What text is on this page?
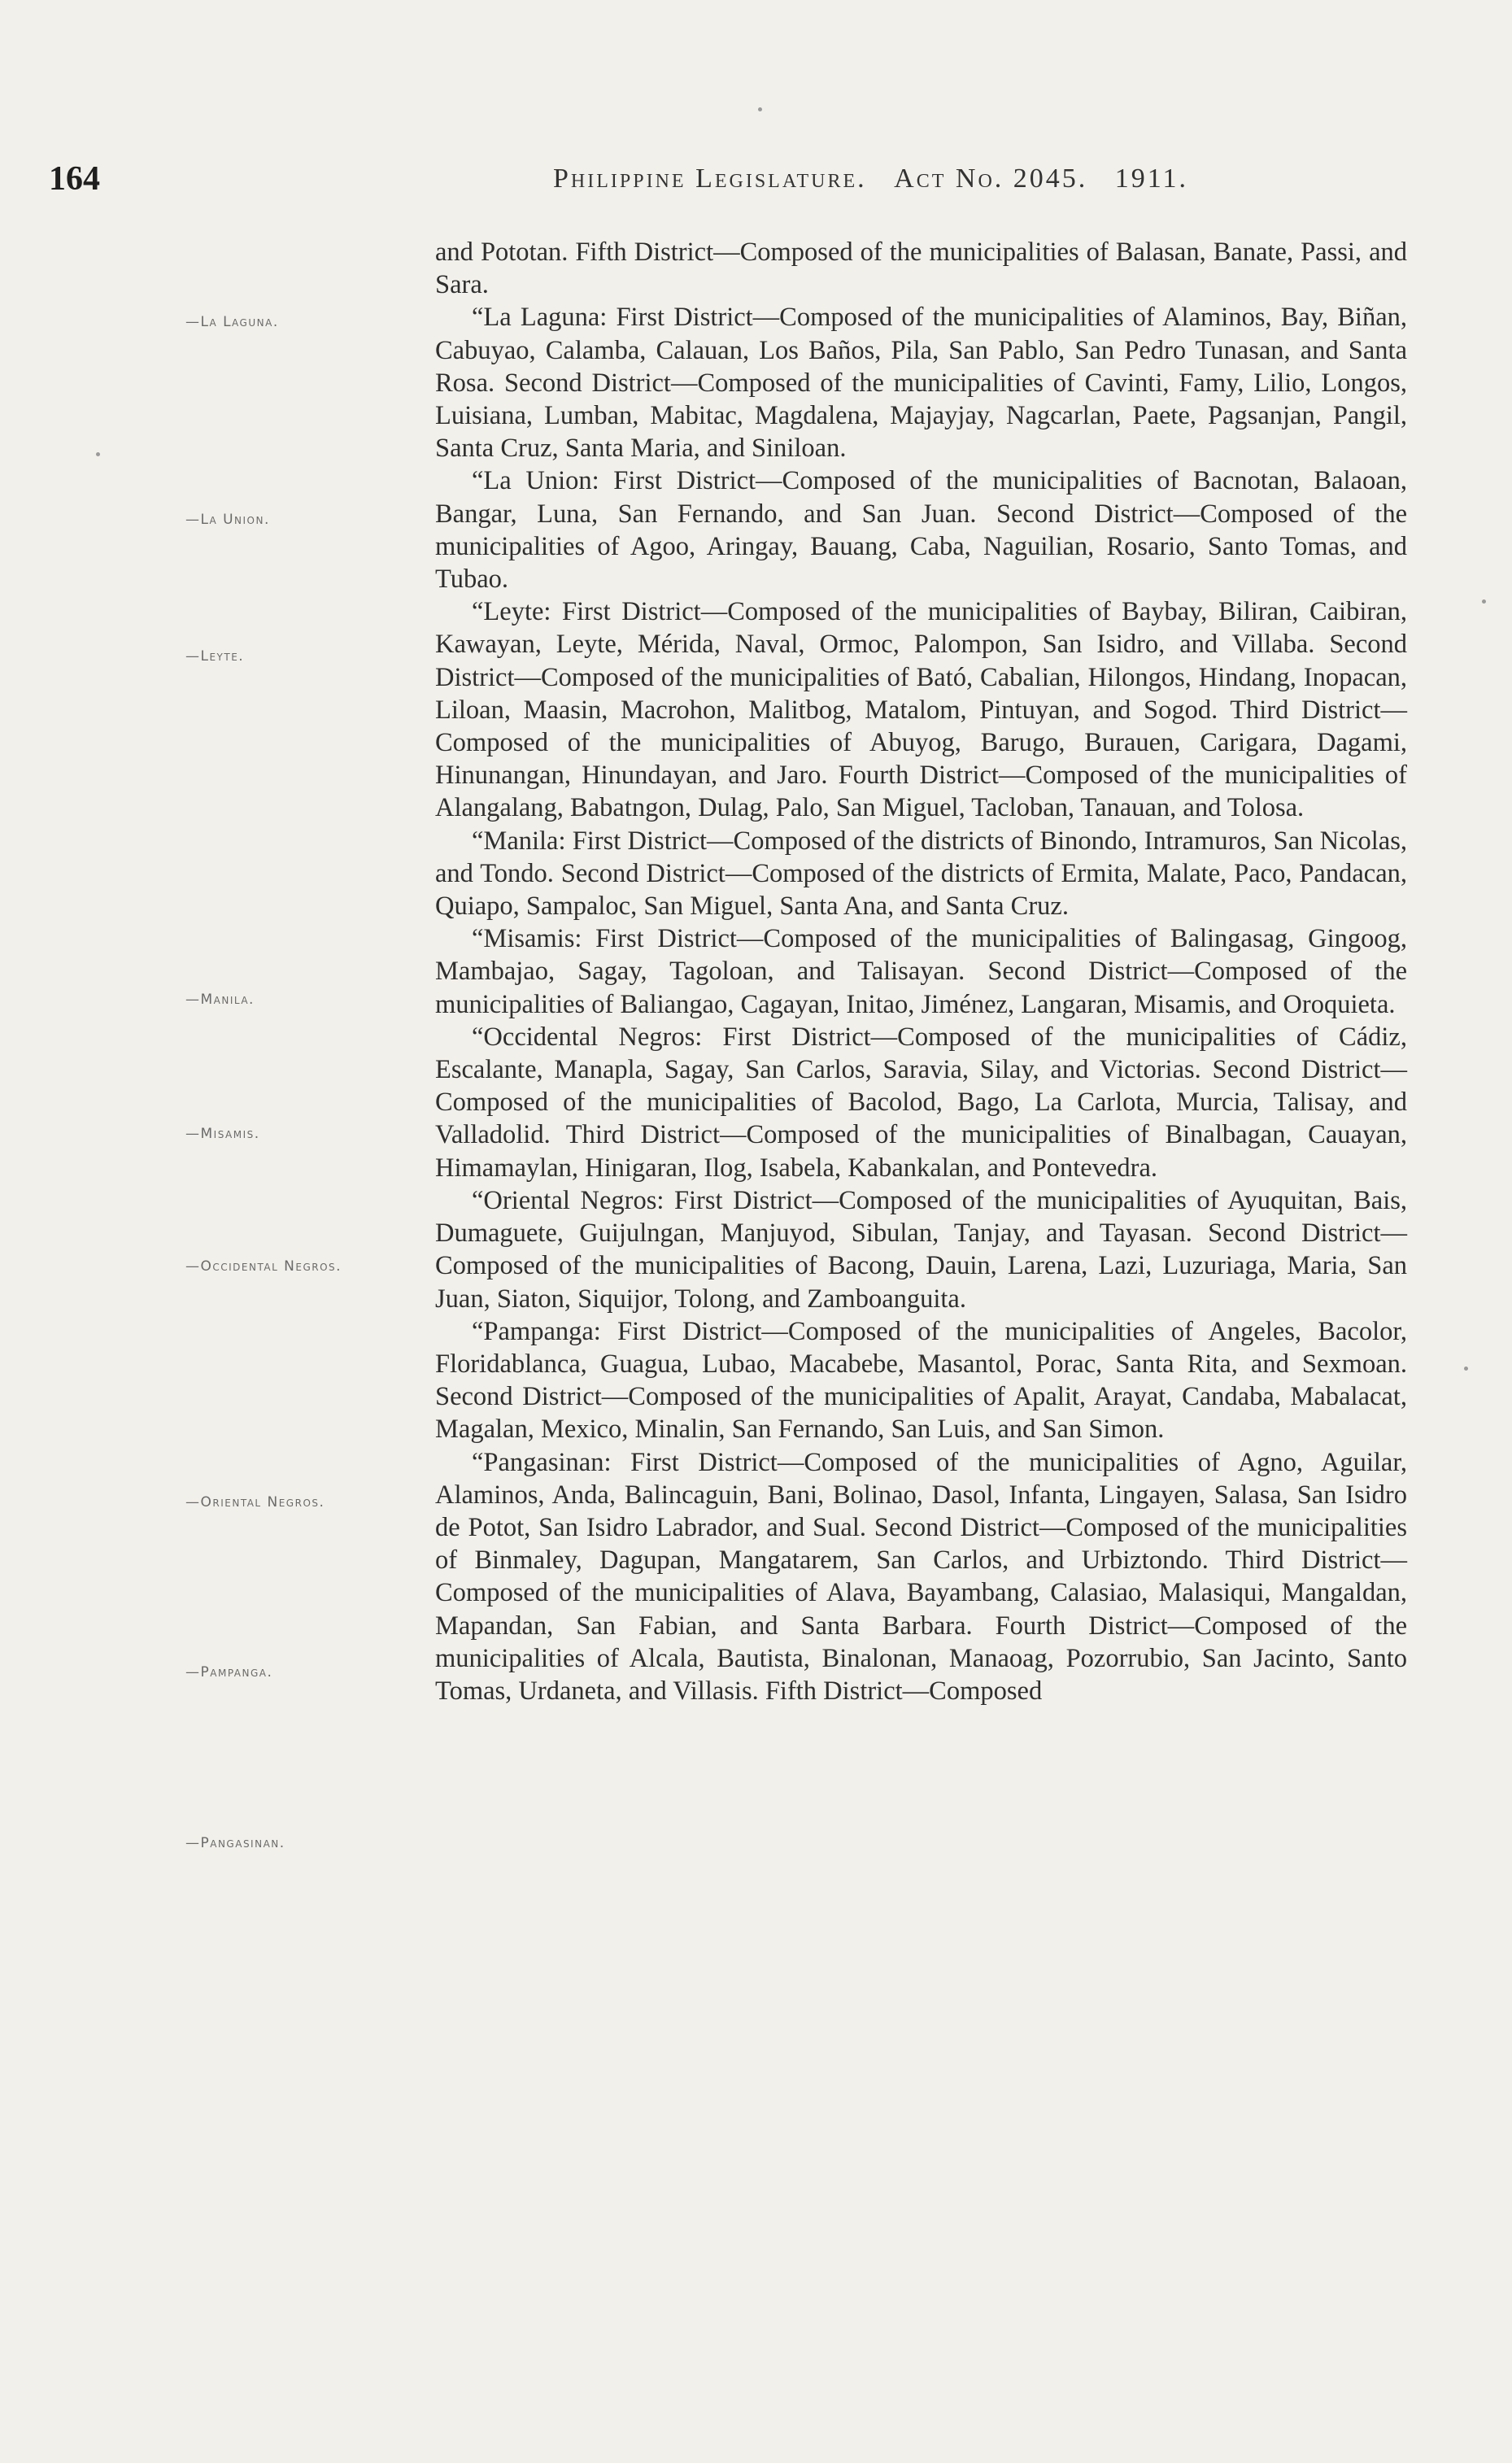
164	Philippine Legislature. Act No. 2045. 1911.
—La Laguna.
—La Union.
—Leyte.
—Manila.
—Misamis.
—Occidental Negros.
—Oriental Negros.
—Pampanga.
—Pangasinan.

and Pototan. Fifth District—Composed of the municipalities of Balasan, Banate, Passi, and Sara.

“La Laguna: First District—Composed of the municipalities of Alaminos, Bay, Biñan, Cabuyao, Calamba, Calauan, Los Baños, Pila, San Pablo, San Pedro Tunasan, and Santa Rosa. Second District—Composed of the municipalities of Cavinti, Famy, Lilio, Longos, Luisiana, Lumban, Mabitac, Magdalena, Majayjay, Nagcarlan, Paete, Pagsanjan, Pangil, Santa Cruz, Santa Maria, and Siniloan.

“La Union: First District—Composed of the municipalities of Bacnotan, Balaoan, Bangar, Luna, San Fernando, and San Juan. Second District—Composed of the municipalities of Agoo, Aringay, Bauang, Caba, Naguilian, Rosario, Santo Tomas, and Tubao.

“Leyte: First District—Composed of the municipalities of Baybay, Biliran, Caibiran, Kawayan, Leyte, Mérida, Naval, Ormoc, Palompon, San Isidro, and Villaba. Second District—Composed of the municipalities of Bató, Cabalian, Hilongos, Hindang, Inopacan, Liloan, Maasin, Macrohon, Malitbog, Matalom, Pintuyan, and Sogod. Third District—Composed of the municipalities of Abuyog, Barugo, Burauen, Carigara, Dagami, Hinunangan, Hinundayan, and Jaro. Fourth District—Composed of the municipalities of Alangalang, Babatngon, Dulag, Palo, San Miguel, Tacloban, Tanauan, and Tolosa.

“Manila: First District—Composed of the districts of Binondo, Intramuros, San Nicolas, and Tondo. Second District—Composed of the districts of Ermita, Malate, Paco, Pandacan, Quiapo, Sampaloc, San Miguel, Santa Ana, and Santa Cruz.

“Misamis: First District—Composed of the municipalities of Balingasag, Gingoog, Mambajao, Sagay, Tagoloan, and Talisayan. Second District—Composed of the municipalities of Baliangao, Cagayan, Initao, Jiménez, Langaran, Misamis, and Oroquieta.

“Occidental Negros: First District—Composed of the municipalities of Cádiz, Escalante, Manapla, Sagay, San Carlos, Saravia, Silay, and Victorias. Second District—Composed of the municipalities of Bacolod, Bago, La Carlota, Murcia, Talisay, and Valladolid. Third District—Composed of the municipalities of Binalbagan, Cauayan, Himamaylan, Hinigaran, Ilog, Isabela, Kabankalan, and Pontevedra.

“Oriental Negros: First District—Composed of the municipalities of Ayuquitan, Bais, Dumaguete, Guijulngan, Manjuyod, Sibulan, Tanjay, and Tayasan. Second District—Composed of the municipalities of Bacong, Dauin, Larena, Lazi, Luzuriaga, Maria, San Juan, Siaton, Siquijor, Tolong, and Zamboanguita.

“Pampanga: First District—Composed of the municipalities of Angeles, Bacolor, Floridablanca, Guagua, Lubao, Macabebe, Masantol, Porac, Santa Rita, and Sexmoan. Second District—Composed of the municipalities of Apalit, Arayat, Candaba, Mabalacat, Magalan, Mexico, Minalin, San Fernando, San Luis, and San Simon.

“Pangasinan: First District—Composed of the municipalities of Agno, Aguilar, Alaminos, Anda, Balincaguin, Bani, Bolinao, Dasol, Infanta, Lingayen, Salasa, San Isidro de Potot, San Isidro Labrador, and Sual. Second District—Composed of the municipalities of Binmaley, Dagupan, Mangatarem, San Carlos, and Urbiztondo. Third District—Composed of the municipalities of Alava, Bayambang, Calasiao, Malasiqui, Mangaldan, Mapandan, San Fabian, and Santa Barbara. Fourth District—Composed of the municipalities of Alcala, Bautista, Binalonan, Manaoag, Pozorrubio, San Jacinto, Santo Tomas, Urdaneta, and Villasis. Fifth District—Composed
